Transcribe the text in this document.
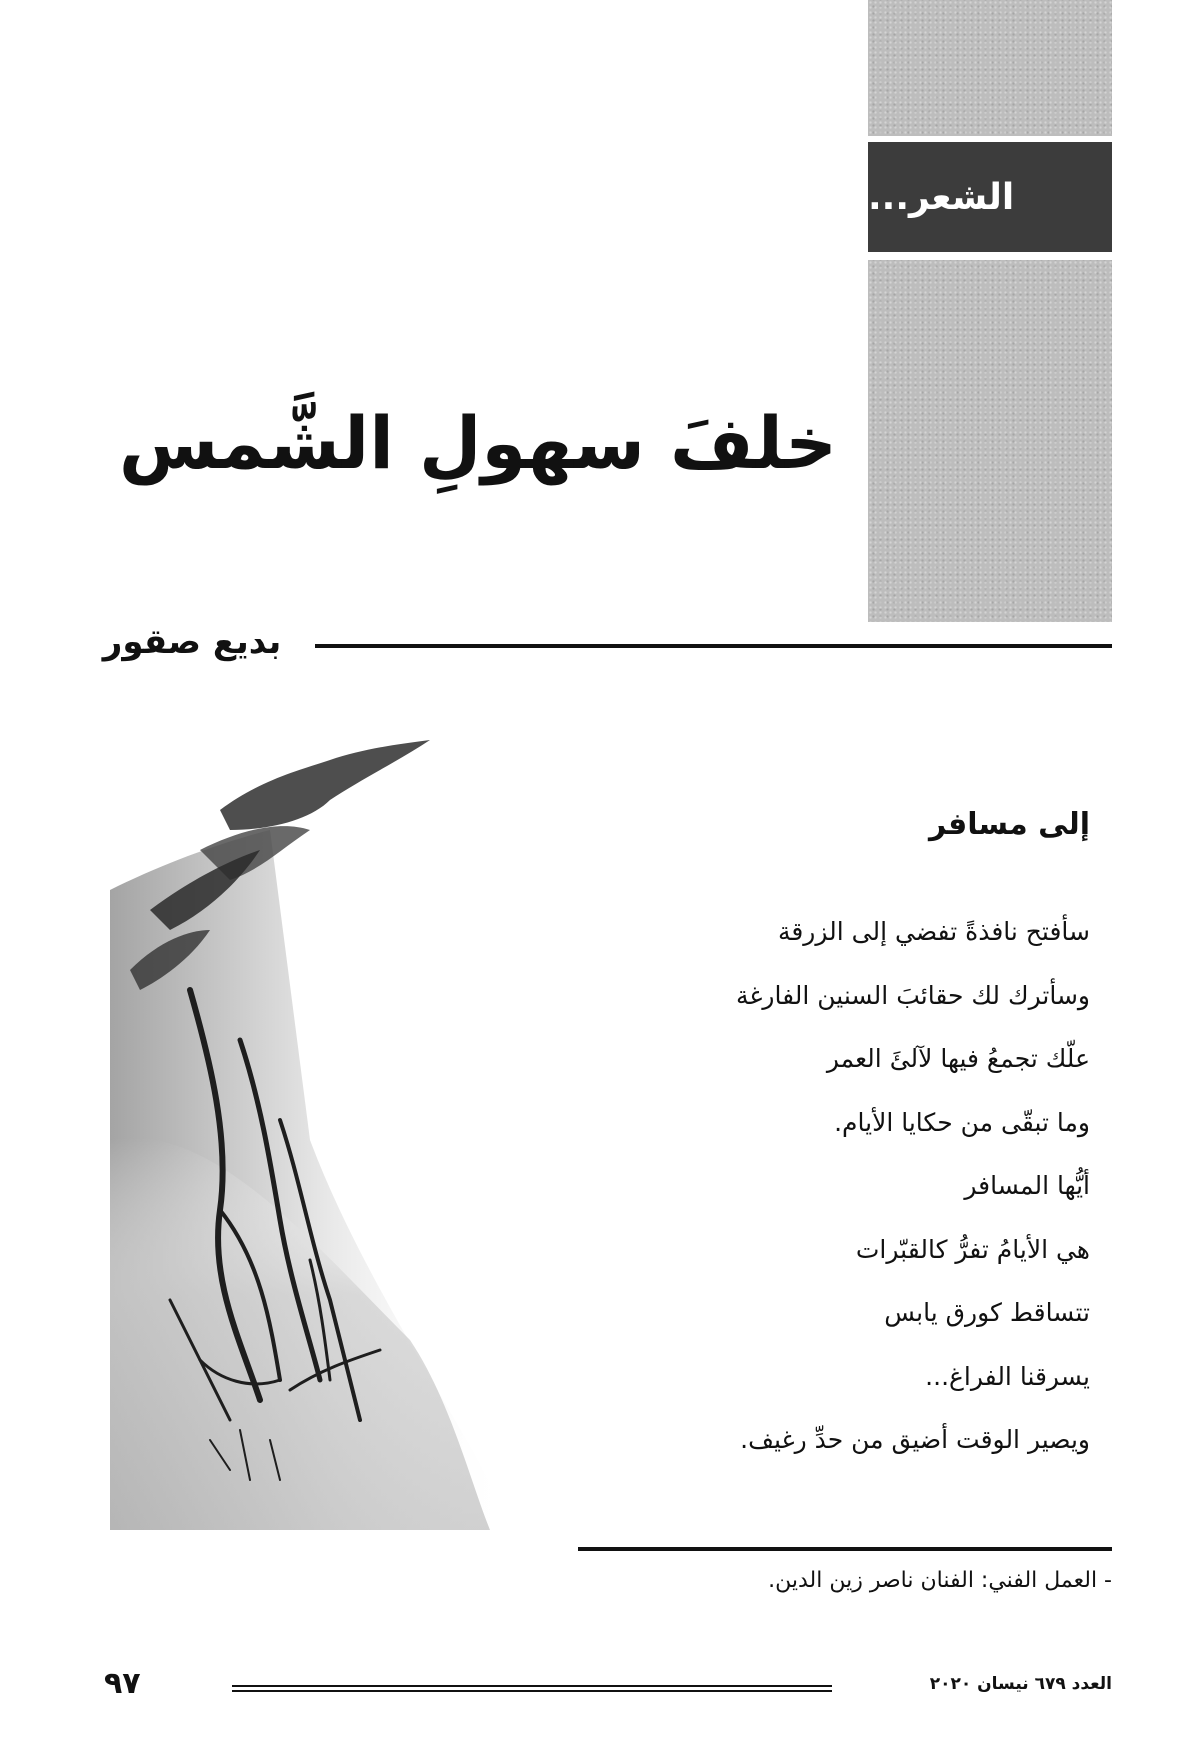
الشعر...
خلفَ سهولِ الشَّمس
بديع صقور
إلى مسافر
سأفتح نافذةً تفضي إلى الزرقة
وسأترك لك حقائبَ السنين الفارغة
علّك تجمعُ فيها لآلئَ العمر
وما تبقّى من حكايا الأيام.
أيُّها المسافر
هي الأيامُ تفرُّ كالقبّرات
تتساقط كورق يابس
يسرقنا الفراغ...
ويصير الوقت أضيق من حدِّ رغيف.
- العمل الفني: الفنان ناصر زين الدين.
العدد ٦٧٩ نيسان ٢٠٢٠
٩٧
